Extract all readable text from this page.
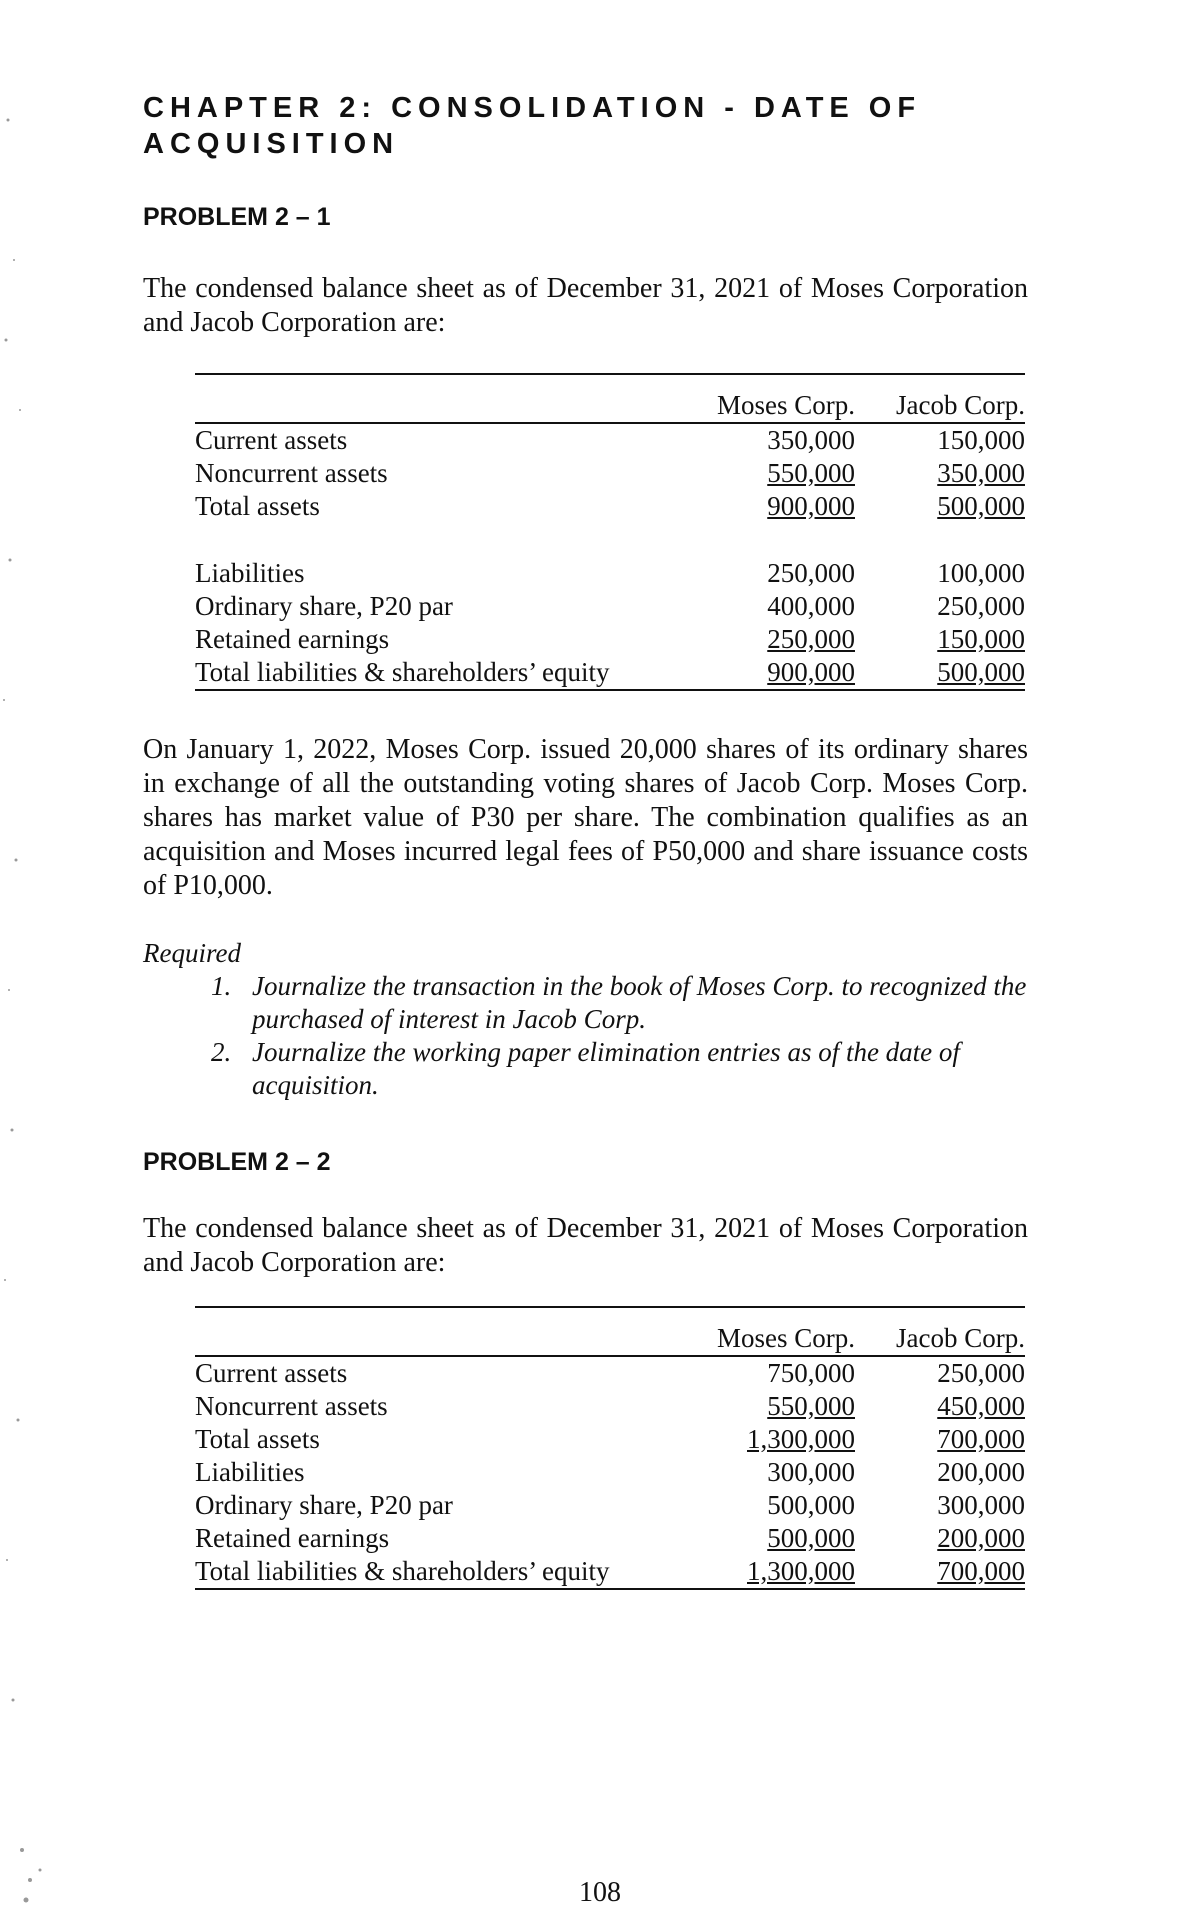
CHAPTER 2: CONSOLIDATION - DATE OF ACQUISITION
PROBLEM 2 – 1
The condensed balance sheet as of December 31, 2021 of Moses Corporation and Jacob Corporation are:
	Moses Corp.	Jacob Corp.
Current assets	350,000	150,000
Noncurrent assets	550,000	350,000
Total assets	900,000	500,000

Liabilities	250,000	100,000
Ordinary share, P20 par	400,000	250,000
Retained earnings	250,000	150,000
Total liabilities & shareholders’ equity	900,000	500,000
On January 1, 2022, Moses Corp. issued 20,000 shares of its ordinary shares in exchange of all the outstanding voting shares of Jacob Corp. Moses Corp. shares has market value of P30 per share. The combination qualifies as an acquisition and Moses incurred legal fees of P50,000 and share issuance costs of P10,000.
Required
1. Journalize the transaction in the book of Moses Corp. to recognized the purchased of interest in Jacob Corp.
2. Journalize the working paper elimination entries as of the date of acquisition.
PROBLEM 2 – 2
The condensed balance sheet as of December 31, 2021 of Moses Corporation and Jacob Corporation are:
	Moses Corp.	Jacob Corp.
Current assets	750,000	250,000
Noncurrent assets	550,000	450,000
Total assets	1,300,000	700,000
Liabilities	300,000	200,000
Ordinary share, P20 par	500,000	300,000
Retained earnings	500,000	200,000
Total liabilities & shareholders’ equity	1,300,000	700,000
108
